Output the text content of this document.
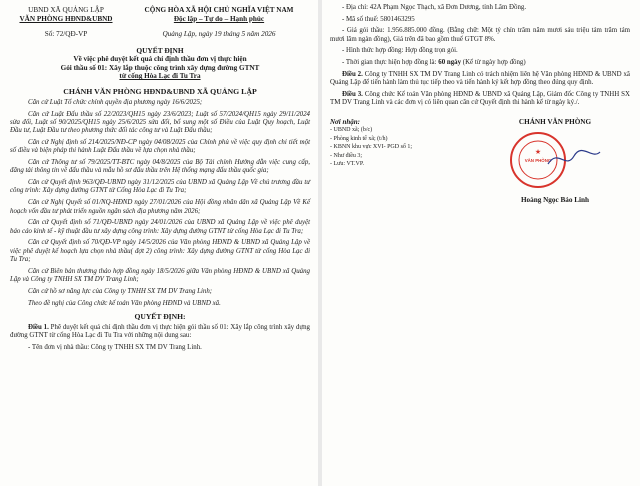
UBND XÃ QUẢNG LẬP
VĂN PHÒNG HĐND&UBND
CỘNG HÒA XÃ HỘI CHỦ NGHĨA VIỆT NAM
Độc lập – Tự do – Hạnh phúc
Số: 72/QĐ-VP	Quảng Lập, ngày 19 tháng 5 năm 2026
QUYẾT ĐỊNH
Về việc phê duyệt kết quả chỉ định thầu đơn vị thực hiện
Gói thầu số 01: Xây lắp thuộc công trình xây dựng đường GTNT
từ cống Hòa Lạc đi Tu Tra
CHÁNH VĂN PHÒNG HĐND&UBND XÃ QUẢNG LẬP

Căn cứ Luật Tổ chức chính quyền địa phương ngày 16/6/2025;

Căn cứ Luật Đấu thầu số 22/2023/QH15 ngày 23/6/2023; Luật số 57/2024/QH15 ngày 29/11/2024 sửa đổi, Luật số 90/2025/QH15 ngày 25/6/2025 sửa đổi, bổ sung một số Điều của Luật Quy hoạch, Luật Đầu tư, Luật Đầu tư theo phương thức đối tác công tư và Luật Đấu thầu;

Căn cứ Nghị định số 214/2025/NĐ-CP ngày 04/08/2025 của Chính phủ về việc quy định chi tiết một số điều và biện pháp thi hành Luật Đấu thầu về lựa chọn nhà thầu;

Căn cứ Thông tư số 79/2025/TT-BTC ngày 04/8/2025 của Bộ Tài chính Hướng dẫn việc cung cấp, đăng tải thông tin về đấu thầu và mẫu hồ sơ đấu thầu trên Hệ thống mạng đấu thầu quốc gia;

Căn cứ Quyết định 963/QĐ-UBND ngày 31/12/2025 của UBND xã Quảng Lập Về chủ trương đầu tư công trình: Xây dựng đường GTNT từ Cống Hòa Lạc đi Tu Tra;

Căn cứ Nghị Quyết số 01/NQ-HĐND ngày 27/01/2026 của Hội đồng nhân dân xã Quảng Lập Về Kế hoạch vốn đầu tư phát triển nguồn ngân sách địa phương năm 2026;

Căn cứ Quyết định số 71/QĐ-UBND ngày 24/01/2026 của UBND xã Quảng Lập về việc phê duyệt báo cáo kinh tế - kỹ thuật đầu tư xây dựng công trình: Xây dựng đường GTNT từ cống Hòa Lạc đi Tu Tra;

Căn cứ Quyết định số 70/QĐ-VP ngày 14/5/2026 của Văn phòng HĐND & UBND xã Quảng Lập về việc phê duyệt kế hoạch lựa chọn nhà thầu( đợt 2) công trình: Xây dựng đường GTNT từ cống Hòa Lạc đi Tu Tra;

Căn cứ Biên bản thương thảo hợp đồng ngày 18/5/2026 giữa Văn phòng HĐND & UBND xã Quảng Lập và Công ty TNHH SX TM DV Trang Linh;

Căn cứ hồ sơ năng lực của Công ty TNHH SX TM DV Trang Linh;

Theo đề nghị của Công chức kế toán Văn phòng HĐND và UBND xã.

QUYẾT ĐỊNH:

Điều 1. Phê duyệt kết quả chỉ định thầu đơn vị thực hiện gói thầu số 01: Xây lắp công trình xây dựng đường GTNT từ cống Hòa Lạc đi Tu Tra với những nội dung sau:

- Tên đơn vị nhà thầu: Công ty TNHH SX TM DV Trang Linh.

- Địa chỉ: 42A Phạm Ngọc Thạch, xã Đơn Dương, tỉnh Lâm Đồng.

- Mã số thuế: 5801463295

- Giá gói thầu: 1.956.885.000 đồng. (Bằng chữ: Một tỷ chín trăm năm mươi sáu triệu tám trăm tám mươi lăm ngàn đồng), Giá trên đã bao gồm thuế GTGT 8%.

- Hình thức hợp đồng: Hợp đồng trọn gói.

- Thời gian thực hiện hợp đồng là: 60 ngày (Kể từ ngày hợp đồng)

Điều 2. Công ty TNHH SX TM DV Trang Linh có trách nhiệm liên hệ Văn phòng HĐND & UBND xã Quảng Lập để tiến hành làm thủ tục tiếp theo và tiến hành ký kết hợp đồng theo đúng quy định.

Điều 3. Công chức Kế toán Văn phòng HĐND & UBND xã Quảng Lập, Giám đốc Công ty TNHH SX TM DV Trang Linh và các đơn vị có liên quan căn cứ Quyết định thi hành kể từ ngày ký./.

Nơi nhận:
- UBND xã; (b/c)
- Phòng kinh tế xã; (t/h)
- KBNN khu vực XVI- PGD số 1;
- Như điều 3;
- Lưu: VT.VP.
CHÁNH VĂN PHÒNG
VĂN PHÒNG
★
Hoàng Ngọc Bảo Linh
